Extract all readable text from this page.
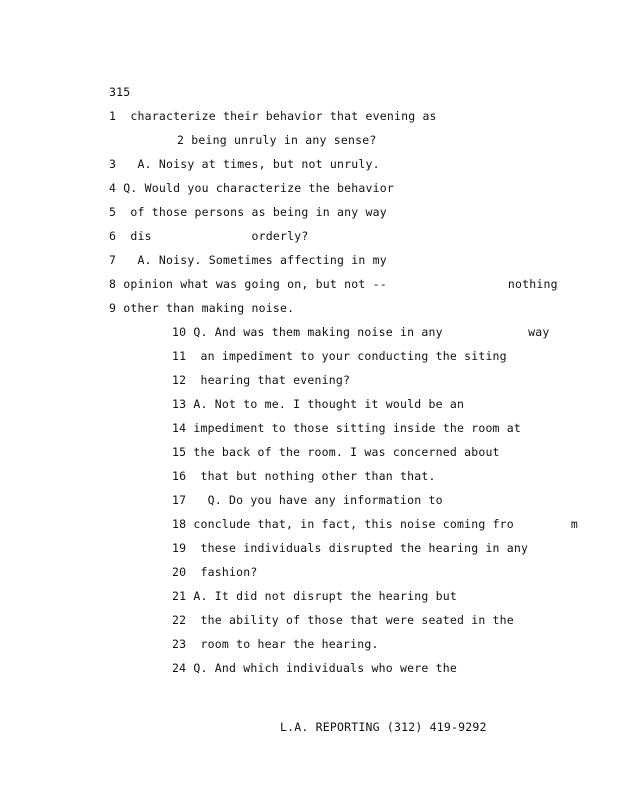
315
1  characterize their behavior that evening as
2 being unruly in any sense?
3   A. Noisy at times, but not unruly.
4 Q. Would you characterize the behavior
5  of those persons as being in any way
6  dis              orderly?
7   A. Noisy. Sometimes affecting in my
8 opinion what was going on, but not --                 nothing
9 other than making noise.
10 Q. And was them making noise in any            way
11  an impediment to your conducting the siting
12  hearing that evening?
13 A. Not to me. I thought it would be an
14 impediment to those sitting inside the room at
15 the back of the room. I was concerned about
16  that but nothing other than that.
17   Q. Do you have any information to
18 conclude that, in fact, this noise coming fro        m
19  these individuals disrupted the hearing in any
20  fashion?
21 A. It did not disrupt the hearing but
22  the ability of those that were seated in the
23  room to hear the hearing.
24 Q. And which individuals who were the
L.A. REPORTING (312) 419-9292
